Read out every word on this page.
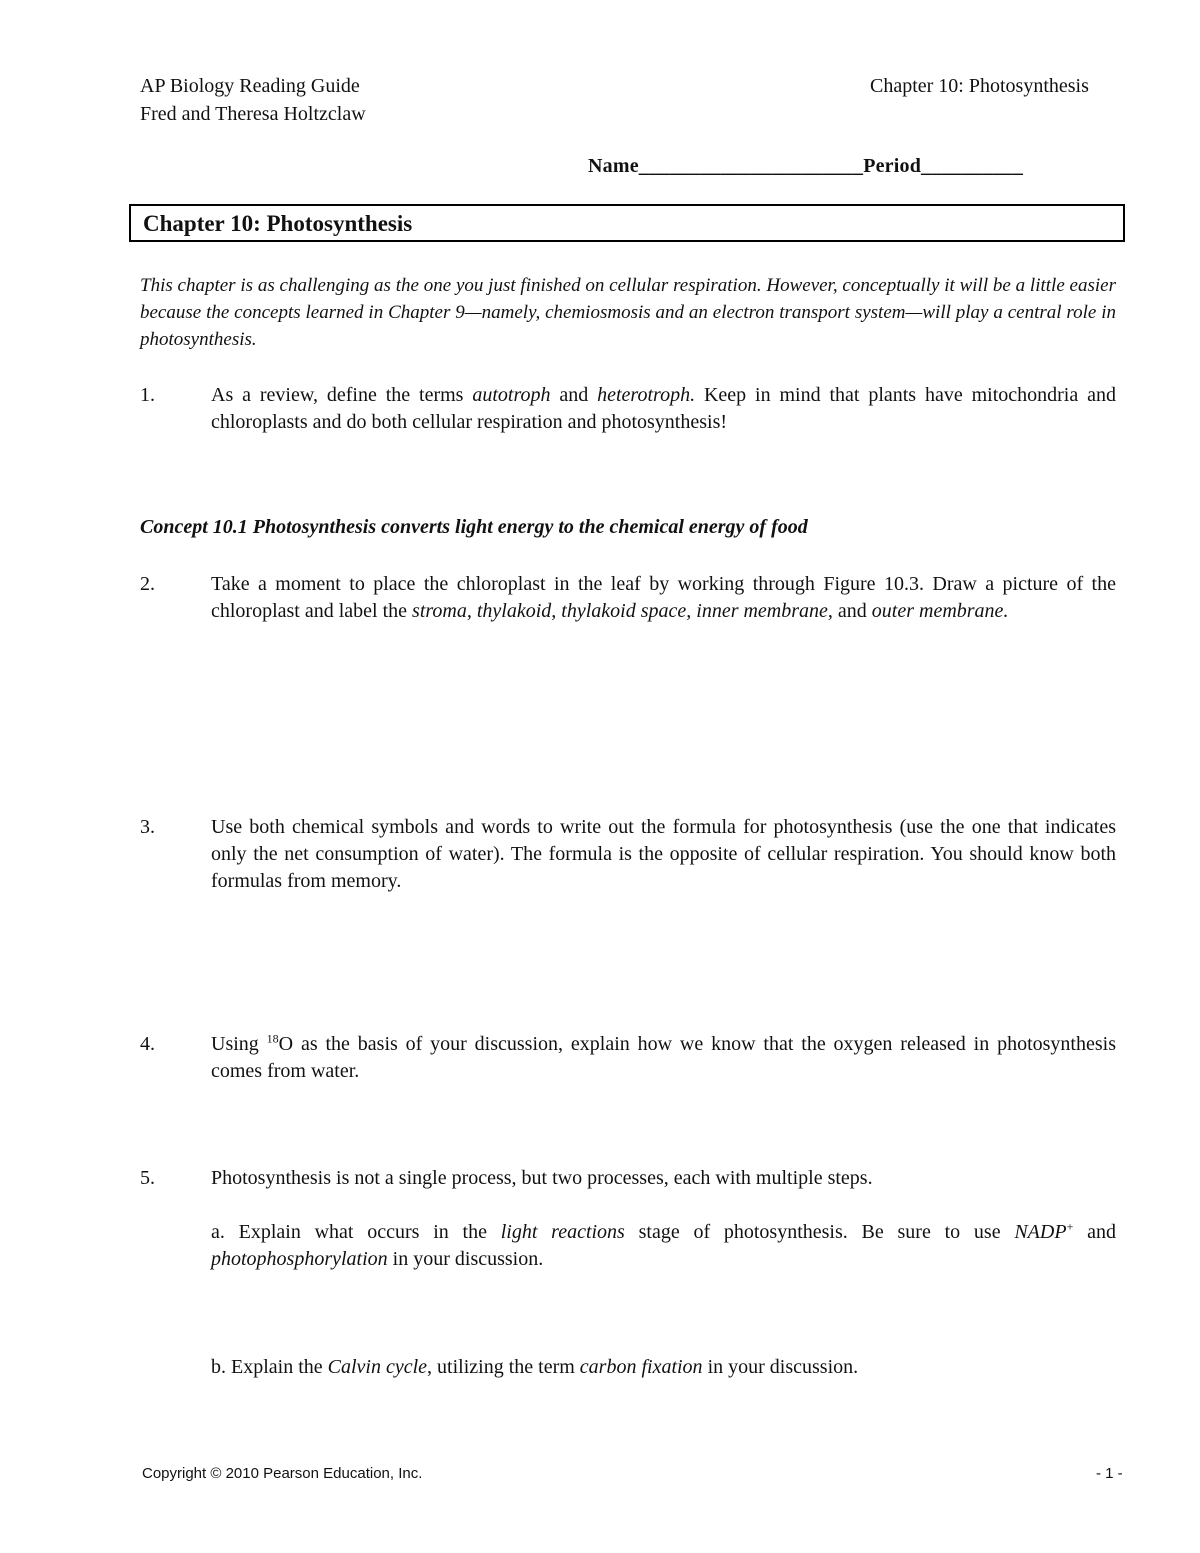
AP Biology Reading Guide
Fred and Theresa Holtzclaw
Chapter 10: Photosynthesis
Name______________________Period__________
Chapter 10: Photosynthesis
This chapter is as challenging as the one you just finished on cellular respiration. However, conceptually it will be a little easier because the concepts learned in Chapter 9—namely, chemiosmosis and an electron transport system—will play a central role in photosynthesis.
1.	As a review, define the terms autotroph and heterotroph. Keep in mind that plants have mitochondria and chloroplasts and do both cellular respiration and photosynthesis!
Concept 10.1 Photosynthesis converts light energy to the chemical energy of food
2.	Take a moment to place the chloroplast in the leaf by working through Figure 10.3. Draw a picture of the chloroplast and label the stroma, thylakoid, thylakoid space, inner membrane, and outer membrane.
3.	Use both chemical symbols and words to write out the formula for photosynthesis (use the one that indicates only the net consumption of water). The formula is the opposite of cellular respiration. You should know both formulas from memory.
4.	Using $^{18}$O as the basis of your discussion, explain how we know that the oxygen released in photosynthesis comes from water.
5.	Photosynthesis is not a single process, but two processes, each with multiple steps.
a. Explain what occurs in the light reactions stage of photosynthesis. Be sure to use NADP+ and photophosphorylation in your discussion.
b. Explain the Calvin cycle, utilizing the term carbon fixation in your discussion.
Copyright © 2010 Pearson Education, Inc.	- 1 -
